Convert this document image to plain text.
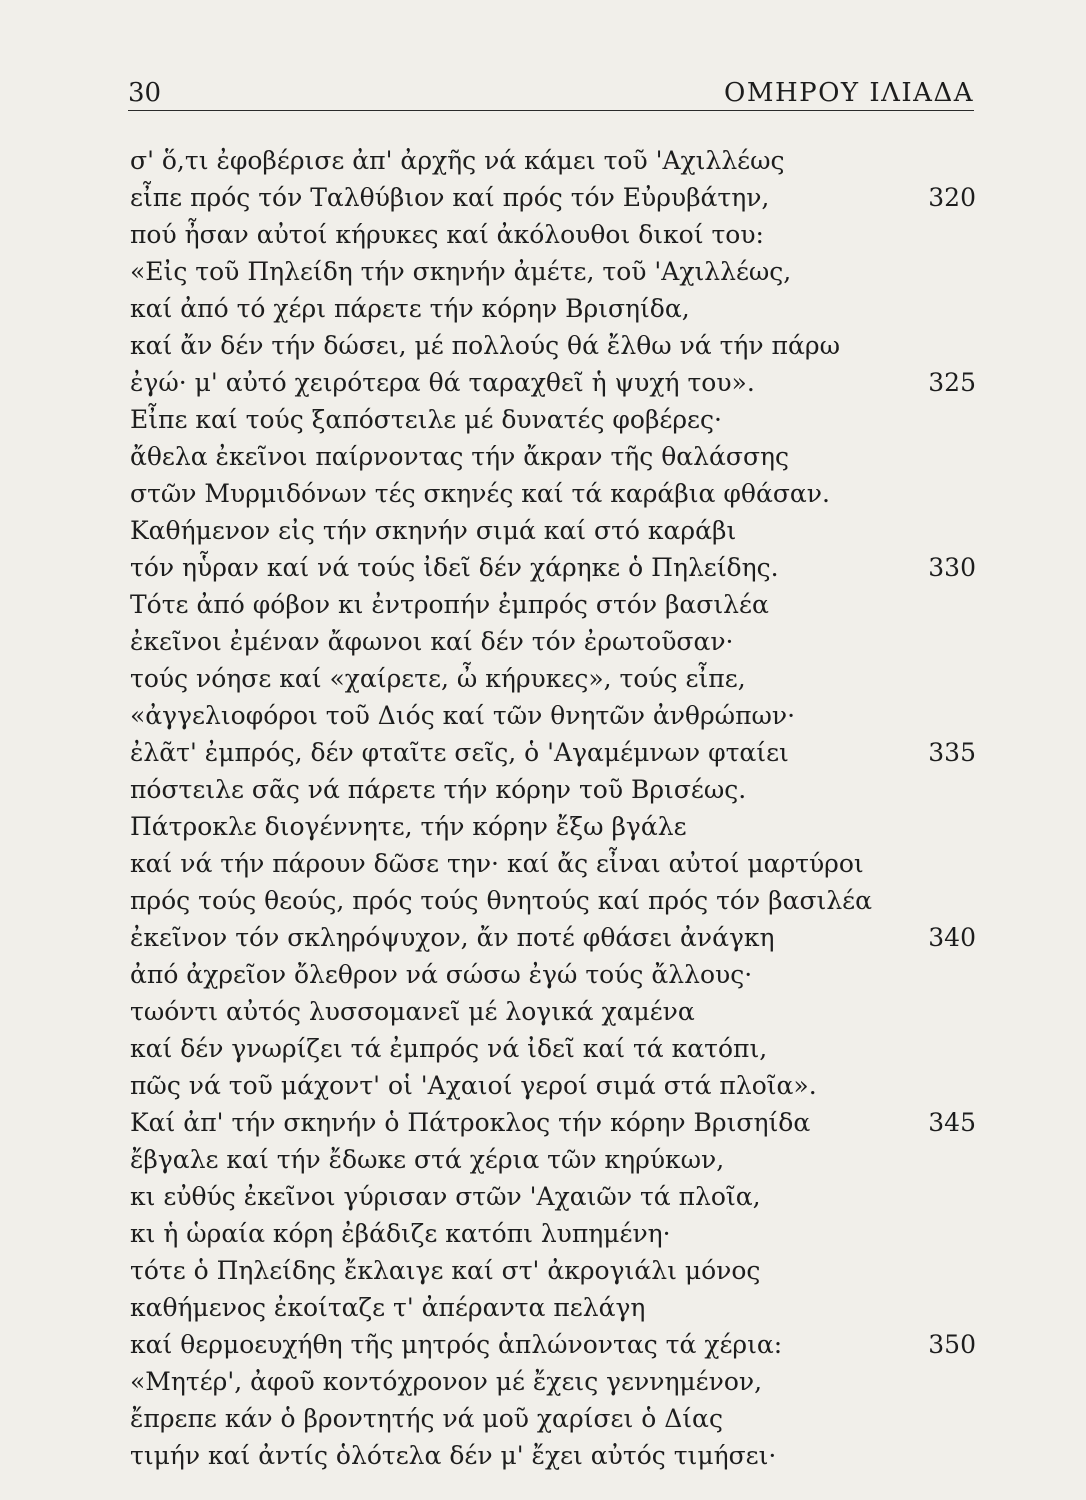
30	ΟΜΗΡΟΥ ΙΛΙΑΔΑ
σ' ὅ,τι ἐφοβέρισε ἀπ' ἀρχῆς νά κάμει τοῦ 'Αχιλλέως
εἶπε πρός τόν Ταλθύβιον καί πρός τόν Εὐρυβάτην,	320
πού ἦσαν αὐτοί κήρυκες καί ἀκόλουθοι δικοί του:
«Εἰς τοῦ Πηλείδη τήν σκηνήν ἀμέτε, τοῦ 'Αχιλλέως,
καί ἀπό τό χέρι πάρετε τήν κόρην Βρισηίδα,
καί ἄν δέν τήν δώσει, μέ πολλούς θά ἔλθω νά τήν πάρω
ἐγώ· μ' αὐτό χειρότερα θά ταραχθεῖ ἡ ψυχή του».	325
Εἶπε καί τούς ξαπόστειλε μέ δυνατές φοβέρες·
ἄθελα ἐκεῖνοι παίρνοντας τήν ἄκραν τῆς θαλάσσης
στῶν Μυρμιδόνων τές σκηνές καί τά καράβια φθάσαν.
Καθήμενον εἰς τήν σκηνήν σιμά καί στό καράβι
τόν ηὗραν καί νά τούς ἰδεῖ δέν χάρηκε ὁ Πηλείδης.	330
Τότε ἀπό φόβον κι ἐντροπήν ἐμπρός στόν βασιλέα
ἐκεῖνοι ἐμέναν ἄφωνοι καί δέν τόν ἐρωτοῦσαν·
τούς νόησε καί «χαίρετε, ὦ κήρυκες», τούς εἶπε,
«ἀγγελιοφόροι τοῦ Διός καί τῶν θνητῶν ἀνθρώπων·
ἐλᾶτ' ἐμπρός, δέν φταῖτε σεῖς, ὁ 'Αγαμέμνων φταίει	335
πόστειλε σᾶς νά πάρετε τήν κόρην τοῦ Βρισέως.
Πάτροκλε διογέννητε, τήν κόρην ἔξω βγάλε
καί νά τήν πάρουν δῶσε την· καί ἄς εἶναι αὐτοί μαρτύροι
πρός τούς θεούς, πρός τούς θνητούς καί πρός τόν βασιλέα
ἐκεῖνον τόν σκληρόψυχον, ἄν ποτέ φθάσει ἀνάγκη	340
ἀπό ἀχρεῖον ὄλεθρον νά σώσω ἐγώ τούς ἄλλους·
τωόντι αὐτός λυσσομανεῖ μέ λογικά χαμένα
καί δέν γνωρίζει τά ἐμπρός νά ἰδεῖ καί τά κατόπι,
πῶς νά τοῦ μάχοντ' οἱ 'Αχαιοί γεροί σιμά στά πλοῖα».
Καί ἀπ' τήν σκηνήν ὁ Πάτροκλος τήν κόρην Βρισηίδα	345
ἔβγαλε καί τήν ἔδωκε στά χέρια τῶν κηρύκων,
κι εὐθύς ἐκεῖνοι γύρισαν στῶν 'Αχαιῶν τά πλοῖα,
κι ἡ ὡραία κόρη ἐβάδιζε κατόπι λυπημένη·
τότε ὁ Πηλείδης ἔκλαιγε καί στ' ἀκρογιάλι μόνος
καθήμενος ἐκοίταζε τ' ἀπέραντα πελάγη
καί θερμοευχήθη τῆς μητρός ἁπλώνοντας τά χέρια:	350
«Μητέρ', ἀφοῦ κοντόχρονον μέ ἔχεις γεννημένον,
ἔπρεπε κάν ὁ βροντητής νά μοῦ χαρίσει ὁ Δίας
τιμήν καί ἀντίς ὁλότελα δέν μ' ἔχει αὐτός τιμήσει·
